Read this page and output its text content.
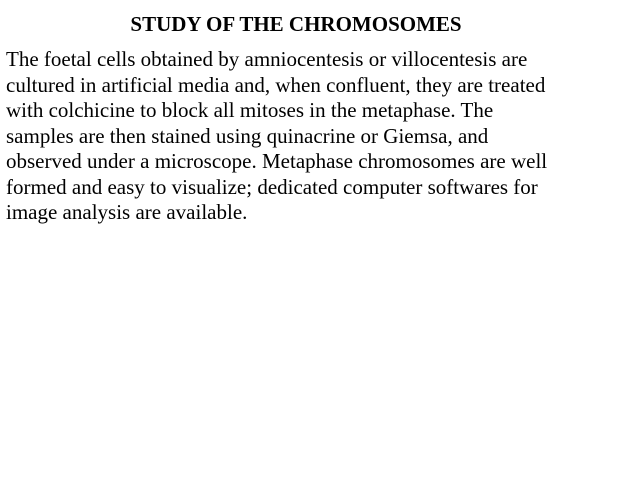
STUDY OF THE CHROMOSOMES

The foetal cells obtained by amniocentesis or villocentesis are
cultured in artificial media and, when confluent, they are treated
with colchicine to block all mitoses in the metaphase. The
samples are then stained using quinacrine or Giemsa, and
observed under a microscope. Metaphase chromosomes are well
formed and easy to visualize; dedicated computer softwares for
image analysis are available.
